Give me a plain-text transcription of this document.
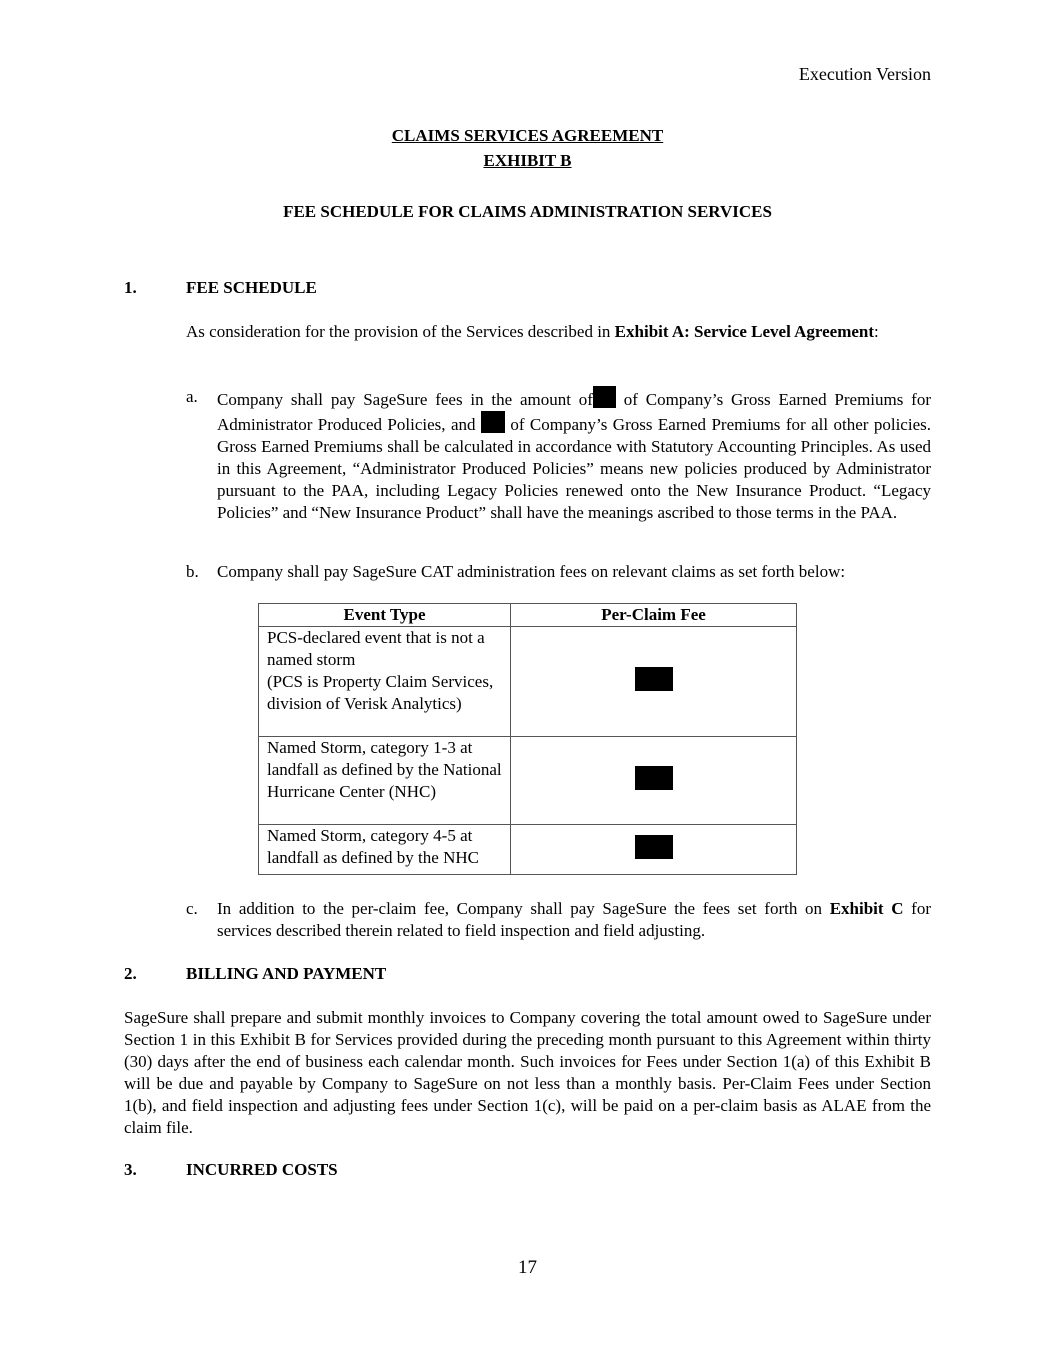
Execution Version
CLAIMS SERVICES AGREEMENT
EXHIBIT B
FEE SCHEDULE FOR CLAIMS ADMINISTRATION SERVICES
1.	FEE SCHEDULE
As consideration for the provision of the Services described in Exhibit A: Service Level Agreement:
a. Company shall pay SageSure fees in the amount of of Company’s Gross Earned Premiums for Administrator Produced Policies, and  of Company’s Gross Earned Premiums for all other policies. Gross Earned Premiums shall be calculated in accordance with Statutory Accounting Principles. As used in this Agreement, “Administrator Produced Policies” means new policies produced by Administrator pursuant to the PAA, including Legacy Policies renewed onto the New Insurance Product. “Legacy Policies” and “New Insurance Product” shall have the meanings ascribed to those terms in the PAA.
b. Company shall pay SageSure CAT administration fees on relevant claims as set forth below:
Event Type	Per-Claim Fee

PCS-declared event that is not a named storm
(PCS is Property Claim Services, division of Verisk Analytics)	

Named Storm, category 1-3 at landfall as defined by the National Hurricane Center (NHC)	

Named Storm, category 4-5 at landfall as defined by the NHC	

c. In addition to the per-claim fee, Company shall pay SageSure the fees set forth on Exhibit C for services described therein related to field inspection and field adjusting.
2.	BILLING AND PAYMENT
SageSure shall prepare and submit monthly invoices to Company covering the total amount owed to SageSure under Section 1 in this Exhibit B for Services provided during the preceding month pursuant to this Agreement within thirty (30) days after the end of business each calendar month. Such invoices for Fees under Section 1(a) of this Exhibit B will be due and payable by Company to SageSure on not less than a monthly basis. Per-Claim Fees under Section 1(b), and field inspection and adjusting fees under Section 1(c), will be paid on a per-claim basis as ALAE from the claim file.
3.	INCURRED COSTS
17
